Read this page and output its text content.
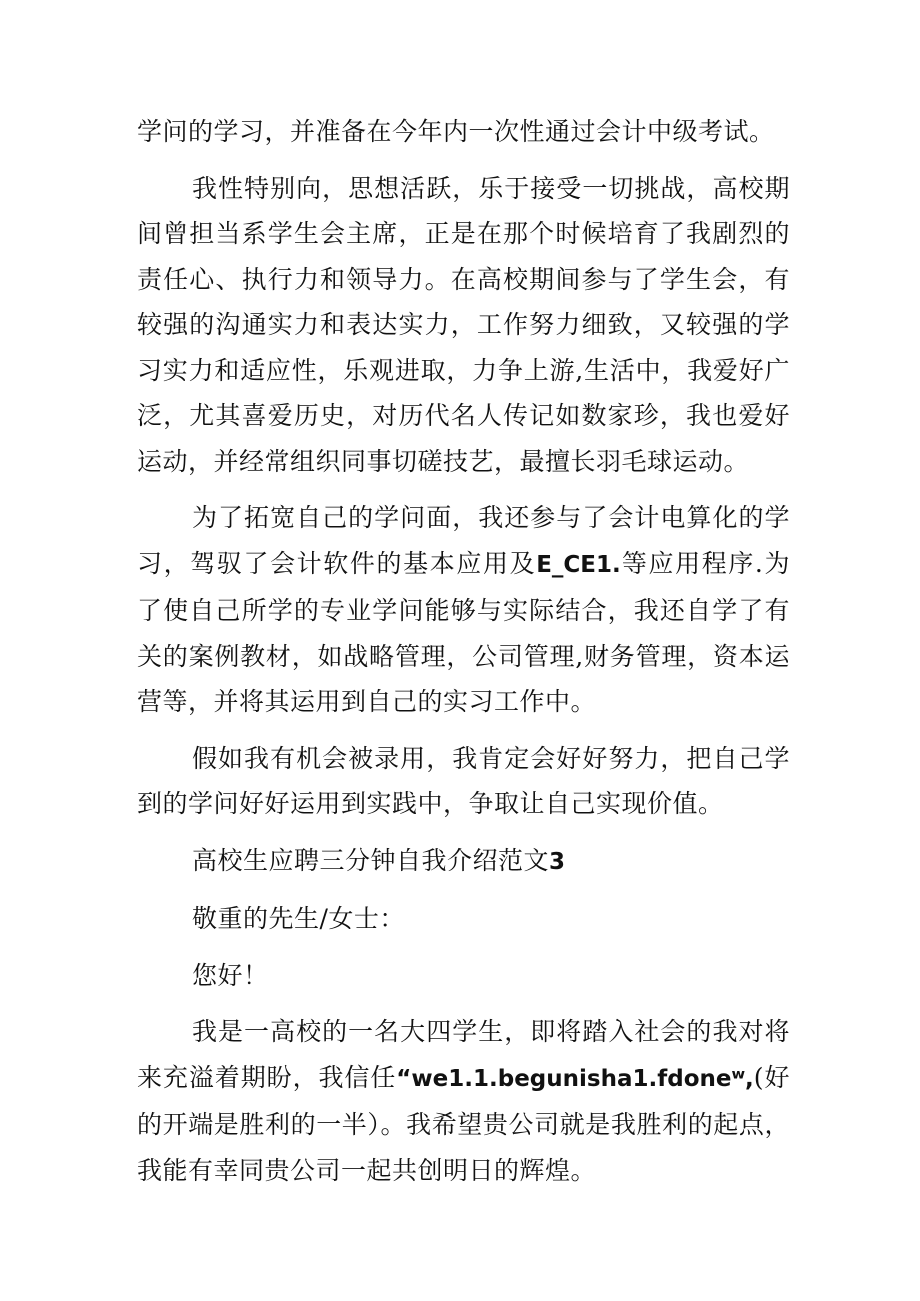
学问的学习，并准备在今年内一次性通过会计中级考试。

我性特别向，思想活跃，乐于接受一切挑战，高校期间曾担当系学生会主席，正是在那个时候培育了我剧烈的责任心、执行力和领导力。在高校期间参与了学生会，有较强的沟通实力和表达实力，工作努力细致，又较强的学习实力和适应性，乐观进取，力争上游,生活中，我爱好广泛，尤其喜爱历史，对历代名人传记如数家珍，我也爱好运动，并经常组织同事切磋技艺，最擅长羽毛球运动。

为了拓宽自己的学问面，我还参与了会计电算化的学习，驾驭了会计软件的基本应用及E_CE1.等应用程序.为了使自己所学的专业学问能够与实际结合，我还自学了有关的案例教材，如战略管理，公司管理,财务管理，资本运营等，并将其运用到自己的实习工作中。

假如我有机会被录用，我肯定会好好努力，把自己学到的学问好好运用到实践中，争取让自己实现价值。

高校生应聘三分钟自我介绍范文3

敬重的先生/女士：

您好！

我是一高校的一名大四学生，即将踏入社会的我对将来充溢着期盼，我信任“we1.1.begunisha1.fdoneʷ,(好的开端是胜利的一半）。我希望贵公司就是我胜利的起点，我能有幸同贵公司一起共创明日的辉煌。
